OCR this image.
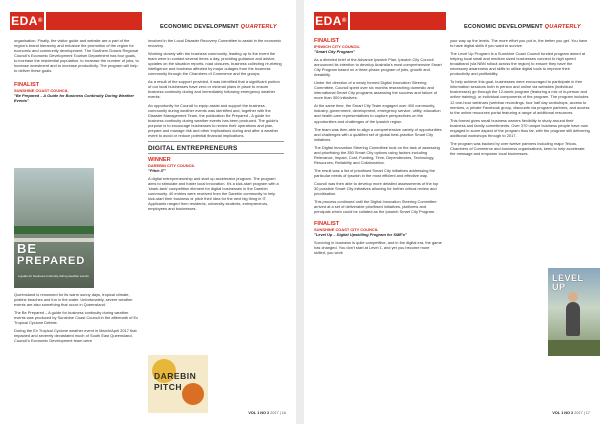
EDA®
ECONOMIC DEVELOPMENT QUARTERLY

organisation. Finally, the visitor guide and website are a part of the region's brand hierarchy and enhance the promotion of the region for economic and community development. The Southern Downs Regional Council's Economic Development Tourism Department has four goals, to increase the residential population, to increase the number of jobs, to increase investment and to increase productivity. The program will help to deliver these goals.

FINALIST
SUNSHINE COAST COUNCIL
"Be Prepared – A Guide for Business Continuity During Weather Events"
BE
PREPARED
a guide for business continuity during weather events

Queensland is renowned for its warm sunny days, tropical climate, pristine beaches and fun in the water. Unfortunately, severe weather events are also something that occur in Queensland.

The Be Prepared – A guide for business continuity during weather events was produced by Sunshine Coast Council in the aftermath of Ex Tropical Cyclone Debbie.

During the Ex Tropical Cyclone weather event in March/April 2017 that impacted and severely devastated much of South East Queensland, Council's Economic Development team were

involved in the Local Disaster Recovery Committee to assist in the economic recovery.

Working closely with the business community, leading up to the event the team were in contact several times a day, providing guidance and advice, updates on the situation reports, road closures, business collecting re-eleting intelligence and business affected by major outages from the business community through the Chambers of Commerce and the groups.

As a result of the support provided, it was identified that a significant portion of our local businesses have zero or minimal plans in place to ensure business continuity during and immediately following emergency weather events.

An opportunity for Council to equip assist and support the business community during weather events was identified and, together with the Disaster Management Team, the publication Be Prepared - A guide for business continuity during weather events has been produced. The guide's purpose is to encourage businesses to review their operations and plan, prepare and manage risk and other implications during and after a weather event to avoid or reduce potential financial implications.

DIGITAL ENTREPRENEURS
WINNER
DAREBIN CITY COUNCIL
"Pitch IT"

A digital entrepreneurship and start up accelerator program. The program aims to stimulate and foster local innovation. It's a kick-start program with a 'shark-tank' competition element for digital businesses in the Darebin community. 40 entries were received from the Darebin community to help kick-start their business or pitch their idea for the next big thing in IT. Applicants ranged from residents, university students, entrepreneurs, employees and businesses.

DAREBIN
PITCH
VOL 1 NO 2 2017 | 16
EDA®
ECONOMIC DEVELOPMENT QUARTERLY
FINALIST
IPSWICH CITY COUNCIL
"Smart City Program"

As a directed brief of the Advance Ipswich Plan, Ipswich City Council announced its intention to develop Australia's most comprehensive Smart City Program based on a three-phase program of jobs, growth and liveability.

Under the direction of a newly formed Digital Innovation Steering Committee, Council spent over six months researching domestic and international Smart City programs assessing the success and failure of more than 300 initiatives.

At the same time, the Smart City Team engaged over 400 community, industry, government, development, emergency service, utility, education and health care representatives to capture perspectives on the opportunities and challenges of the Ipswich region.

The team was then able to align a comprehensive variety of opportunities and challenges with a qualified set of global best-practice Smart City initiatives.

The Digital Innovation Steering Committee took on the task of assessing and prioritising the 350 Smart City options using factors including Relevance, Impact, Cost, Funding, Time, Dependencies, Technology, Resources, Reliability and Collaboration.

The result was a list of prioritised Smart City initiatives addressing the particular needs of Ipswich in the most efficient and effective way.

Council was then able to develop more detailed assessments of the top 30 possible Smart City initiatives allowing for further critical review and prioritisation.

This process continued until the Digital Innovation Steering Committee arrived at a set of deliverable prioritised initiatives, platforms and principals which could be collated as the Ipswich Smart City Program.

FINALIST
SUNSHINE COAST CITY COUNCIL
"Level Up – Digital Upskilling Program for SME's"

Surviving in business is quite competitive, and in the digital era, the game has changed. You don't start at Level 1, and yet you become more skilled, you work

your way up the levels. The more effort you put in, the better you get. You have to have digital skills if you want to survive.

The Level Up Program is a Sunshine Coast Council funded program aimed at helping local small and medium sized businesses connect to high speed broadband (via NBN rollout across the region) to ensure they have the necessary awareness and skills to utilise digital tools to improve their productivity and profitability.

To help achieve this goal, businesses were encouraged to participate in free information sessions both in person and online via websites (individual businesses) go through the 12-week program (featuring a mix of in-person and online training), or individual components of the program. The program includes 12 one-hour webinars (webinar recordings, four half day workshops, access to mentors, a private Facebook group, discounts via program partners, and access to the online resources portal featuring a range of additional resources.

This format gives small business owners flexibility to study around their business and family commitments. Over 370 unique business people have now engaged in some aspect of the program thus far, with the program still delivering additional workshops through to 2017.

The program was backed by over twelve partners including major Telcos, Chambers of Commerce and business organisations, keen to help accelerate the message and empower local businesses.

VOL 1 NO 2 2017 | 17
LEVEL
UP
